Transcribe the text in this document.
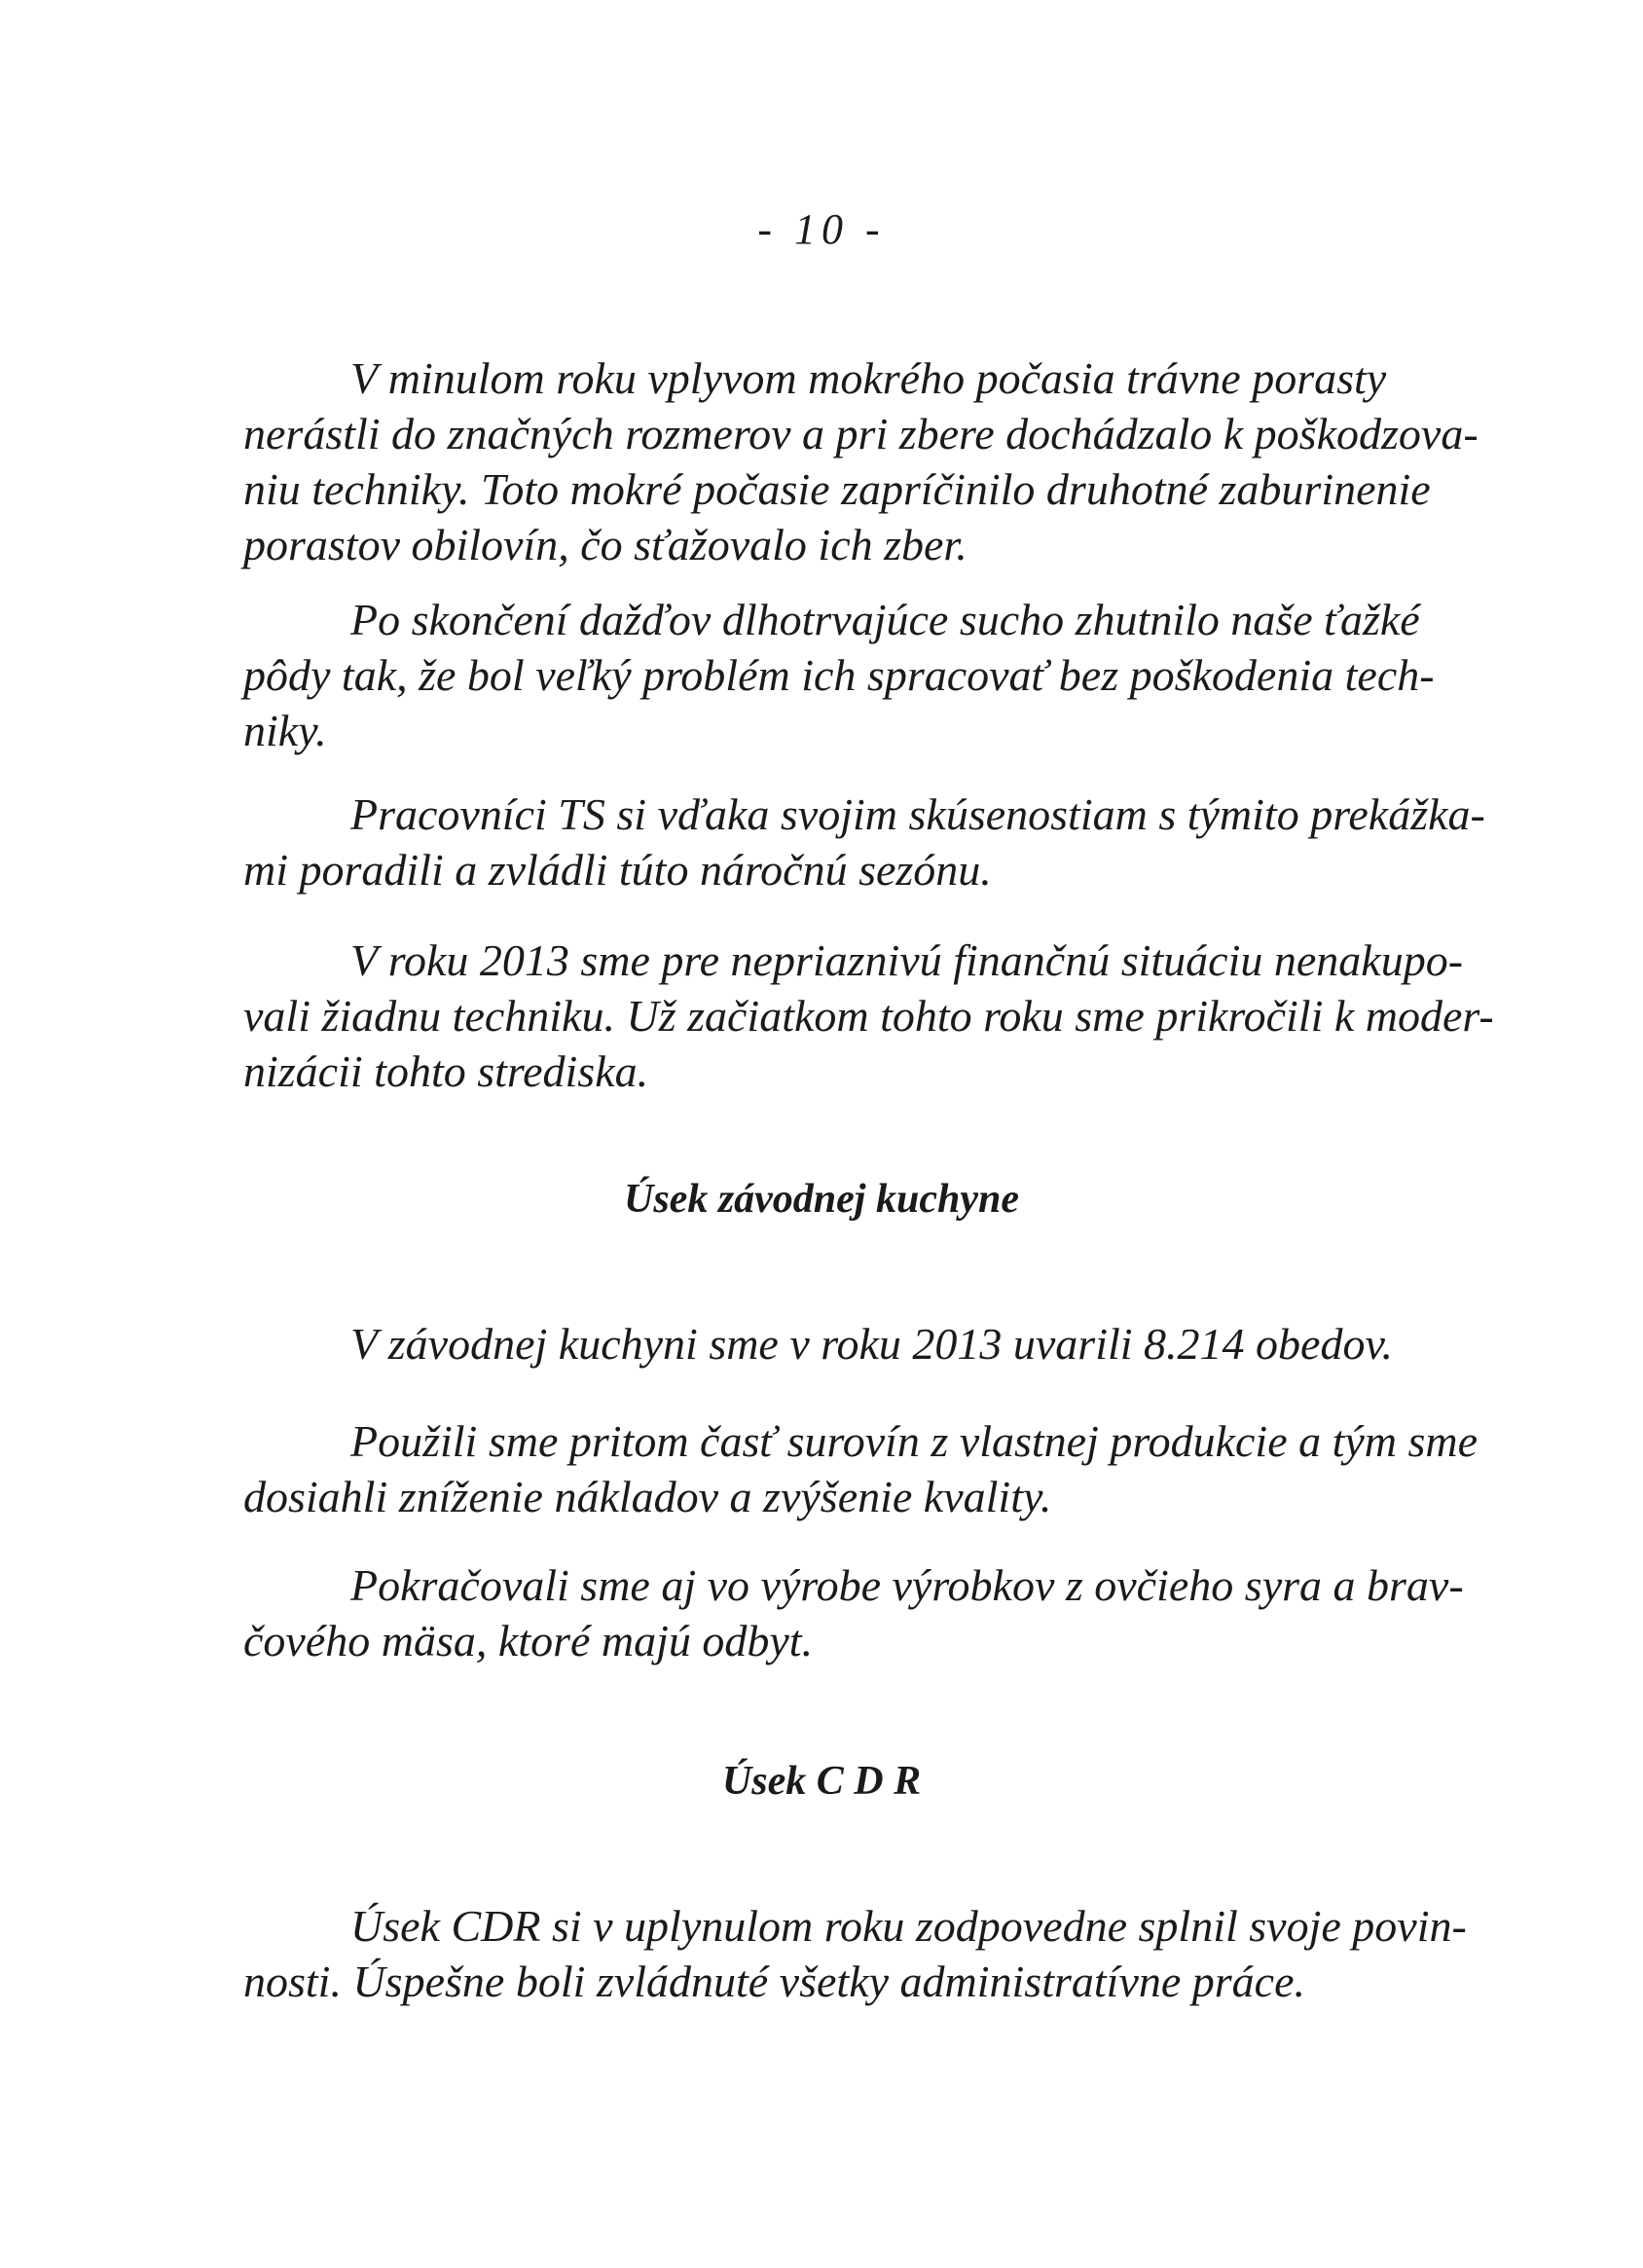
- 10 -

V minulom roku vplyvom mokrého počasia trávne porasty
nerástli do značných rozmerov a pri zbere dochádzalo k poškodzova-
niu techniky. Toto mokré počasie zapríčinilo druhotné zaburinenie
porastov obilovín, čo sťažovalo ich zber.

Po skončení dažďov dlhotrvajúce sucho zhutnilo naše ťažké
pôdy tak, že bol veľký problém ich spracovať bez poškodenia tech-
niky.

Pracovníci TS si vďaka svojim skúsenostiam s týmito prekážka-
mi poradili a zvládli túto náročnú sezónu.

V roku 2013 sme pre nepriaznivú finančnú situáciu nenakupo-
vali žiadnu techniku. Už začiatkom tohto roku sme prikročili k moder-
nizácii tohto strediska.

Úsek závodnej kuchyne

V závodnej kuchyni sme v roku 2013 uvarili 8.214 obedov.

Použili sme pritom časť surovín z vlastnej produkcie a tým sme
dosiahli zníženie nákladov a zvýšenie kvality.

Pokračovali sme aj vo výrobe výrobkov z ovčieho syra a brav-
čového mäsa, ktoré majú odbyt.

Úsek C D R

Úsek CDR si v uplynulom roku zodpovedne splnil svoje povin-
nosti. Úspešne boli zvládnuté všetky administratívne práce.
